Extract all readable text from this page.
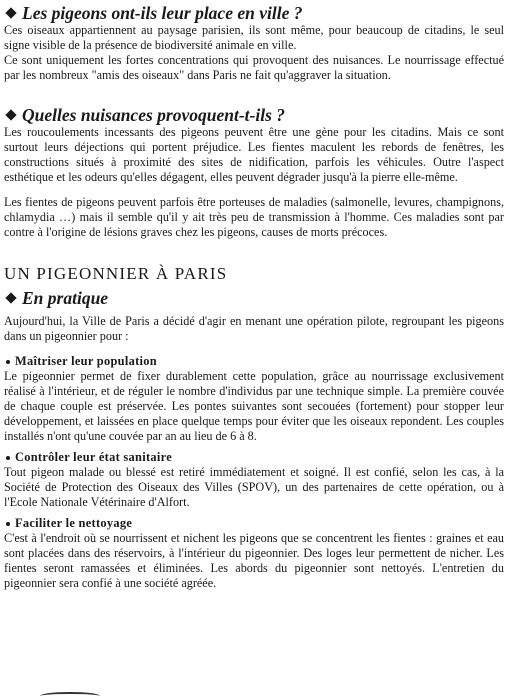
Les pigeons ont-ils leur place en ville ?

Ces oiseaux appartiennent au paysage parisien, ils sont même, pour beaucoup de citadins, le seul signe visible de la présence de biodiversité animale en ville.

Ce sont uniquement les fortes concentrations qui provoquent des nuisances. Le nourrissage effectué par les nombreux "amis des oiseaux" dans Paris ne fait qu'aggraver la situation.

Quelles nuisances provoquent-t-ils ?

Les roucoulements incessants des pigeons peuvent être une gène pour les citadins. Mais ce sont surtout leurs déjections qui portent préjudice. Les fientes maculent les rebords de fenêtres, les constructions situés à proximité des sites de nidification, parfois les véhicules. Outre l'aspect esthétique et les odeurs qu'elles dégagent, elles peuvent dégrader jusqu'à la pierre elle-même.

Les fientes de pigeons peuvent parfois être porteuses de maladies (salmonelle, levures, champignons, chlamydia …) mais il semble qu'il y ait très peu de transmission à l'homme. Ces maladies sont par contre à l'origine de lésions graves chez les pigeons, causes de morts précoces.

UN PIGEONNIER À PARIS
En pratique

Aujourd'hui, la Ville de Paris a décidé d'agir en menant une opération pilote, regroupant les pigeons dans un pigeonnier pour :

Maîtriser leur population

Le pigeonnier permet de fixer durablement cette population, grâce au nourrissage exclusivement réalisé à l'intérieur, et de réguler le nombre d'individus par une technique simple. La première couvée de chaque couple est préservée. Les pontes suivantes sont secouées (fortement) pour stopper leur développement, et laissées en place quelque temps pour éviter que les oiseaux repondent. Les couples installés n'ont qu'une couvée par an au lieu de 6 à 8.

Contrôler leur état sanitaire

Tout pigeon malade ou blessé est retiré immédiatement et soigné. Il est confié, selon les cas, à la Société de Protection des Oiseaux des Villes (SPOV), un des partenaires de cette opération, ou à l'Ecole Nationale Vétérinaire d'Alfort.

Faciliter le nettoyage

C'est à l'endroit où se nourrissent et nichent les pigeons que se concentrent les fientes : graines et eau sont placées dans des réservoirs, à l'intérieur du pigeonnier. Des loges leur permettent de nicher. Les fientes seront ramassées et éliminées. Les abords du pigeonnier sont nettoyés. L'entretien du pigeonnier sera confié à une société agréée.
